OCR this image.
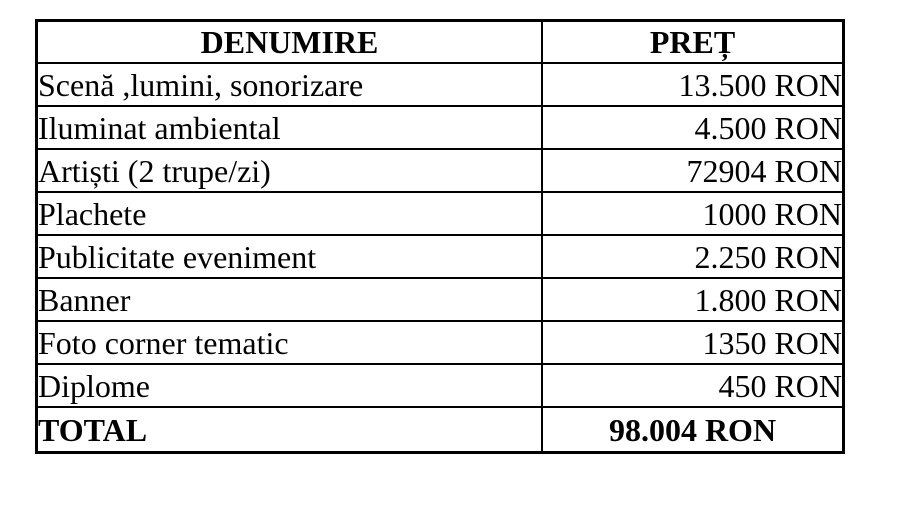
DENUMIRE	PREȚ
Scenă ,lumini, sonorizare	13.500 RON
Iluminat ambiental	4.500 RON
Artiști (2 trupe/zi)	72904 RON
Plachete	1000 RON
Publicitate eveniment	2.250 RON
Banner	1.800 RON
Foto corner tematic	1350 RON
Diplome	450 RON
TOTAL	98.004 RON
